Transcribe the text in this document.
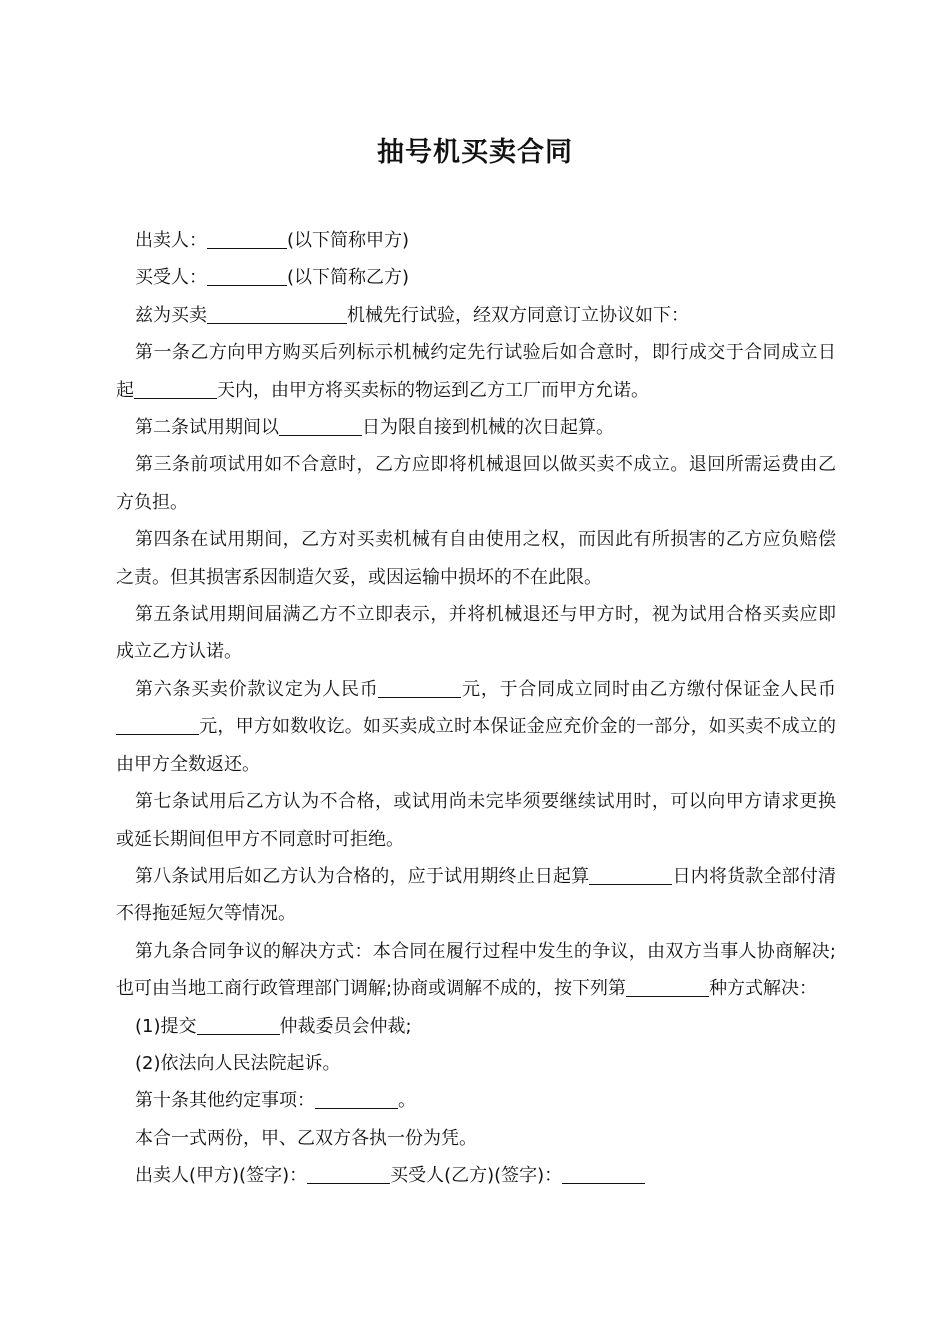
抽号机买卖合同

出卖人：	(以下简称甲方)

买受人：	(以下简称乙方)

兹为买卖	机械先行试验，经双方同意订立协议如下：

第一条乙方向甲方购买后列标示机械约定先行试验后如合意时，即行成交于合同成立日起	天内，由甲方将买卖标的物运到乙方工厂而甲方允诺。

第二条试用期间以	日为限自接到机械的次日起算。

第三条前项试用如不合意时，乙方应即将机械退回以做买卖不成立。退回所需运费由乙方负担。

第四条在试用期间，乙方对买卖机械有自由使用之权，而因此有所损害的乙方应负赔偿之责。但其损害系因制造欠妥，或因运输中损坏的不在此限。

第五条试用期间届满乙方不立即表示，并将机械退还与甲方时，视为试用合格买卖应即成立乙方认诺。

第六条买卖价款议定为人民币	元，于合同成立同时由乙方缴付保证金人民币元，甲方如数收讫。如买卖成立时本保证金应充价金的一部分，如买卖不成立的由甲方全数返还。

第七条试用后乙方认为不合格，或试用尚未完毕须要继续试用时，可以向甲方请求更换或延长期间但甲方不同意时可拒绝。

第八条试用后如乙方认为合格的，应于试用期终止日起算	日内将货款全部付清不得拖延短欠等情况。

第九条合同争议的解决方式：本合同在履行过程中发生的争议，由双方当事人协商解决;也可由当地工商行政管理部门调解;协商或调解不成的，按下列第	种方式解决：

(1)提交	仲裁委员会仲裁;

(2)依法向人民法院起诉。

第十条其他约定事项：	。

本合一式两份，甲、乙双方各执一份为凭。

出卖人(甲方)(签字)：	买受人(乙方)(签字)：
